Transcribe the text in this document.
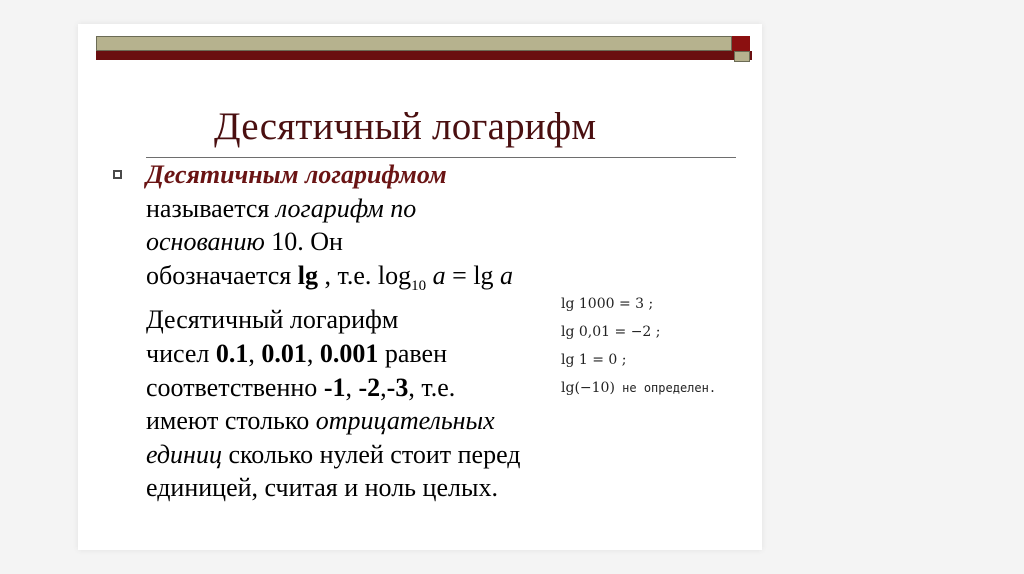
Десятичный логарифм
Десятичным логарифмом
называется логарифм по
основанию 10. Он
обозначается lg , т.е. $\log_{10} a = \lg a$
Десятичный логарифм
чисел 0.1, 0.01, 0.001 равен
соответственно -1, -2,-3, т.е.
имеют столько отрицательных
единиц сколько нулей стоит перед
единицей, считая и ноль целых.
lg 1000 = 3 ;
lg 0,01 = −2 ;
lg 1 = 0 ;
lg(−10) не определен.
